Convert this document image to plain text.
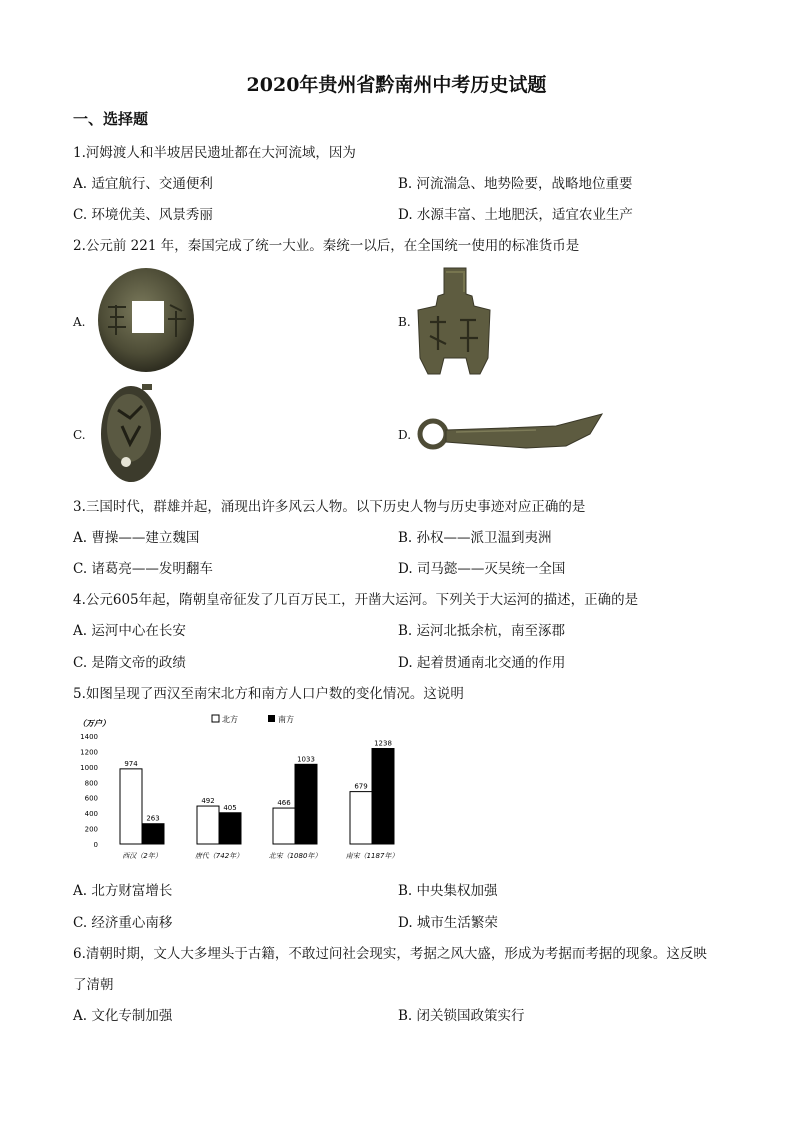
2020年贵州省黔南州中考历史试题
一、选择题
1.河姆渡人和半坡居民遗址都在大河流域，因为
A. 适宜航行、交通便利	B. 河流湍急、地势险要，战略地位重要
C. 环境优美、风景秀丽	D. 水源丰富、土地肥沃，适宜农业生产
2.公元前 221 年，秦国完成了统一大业。秦统一以后，在全国统一使用的标准货币是
A.	B.
C.	D.
半两
3.三国时代，群雄并起，涌现出许多风云人物。以下历史人物与历史事迹对应正确的是
A. 曹操——建立魏国	B. 孙权——派卫温到夷洲
C. 诸葛亮——发明翻车	D. 司马懿——灭吴统一全国
4.公元605年起，隋朝皇帝征发了几百万民工，开凿大运河。下列关于大运河的描述，正确的是
A. 运河中心在长安	B. 运河北抵余杭，南至涿郡
C. 是隋文帝的政绩	D. 起着贯通南北交通的作用
5.如图呈现了西汉至南宋北方和南方人口户数的变化情况。这说明
（万户）
0
200
400
600
800
1000
1200
1400
北方	南方
974
263
西汉（2年）
492
405
唐代（742年）
466
1033
北宋（1080年）
679
1238
南宋（1187年）
A. 北方财富增长	B. 中央集权加强
C. 经济重心南移	D. 城市生活繁荣
6.清朝时期，文人大多埋头于古籍，不敢过问社会现实，考据之风大盛，形成为考据而考据的现象。这反映
了清朝
A. 文化专制加强	B. 闭关锁国政策实行
